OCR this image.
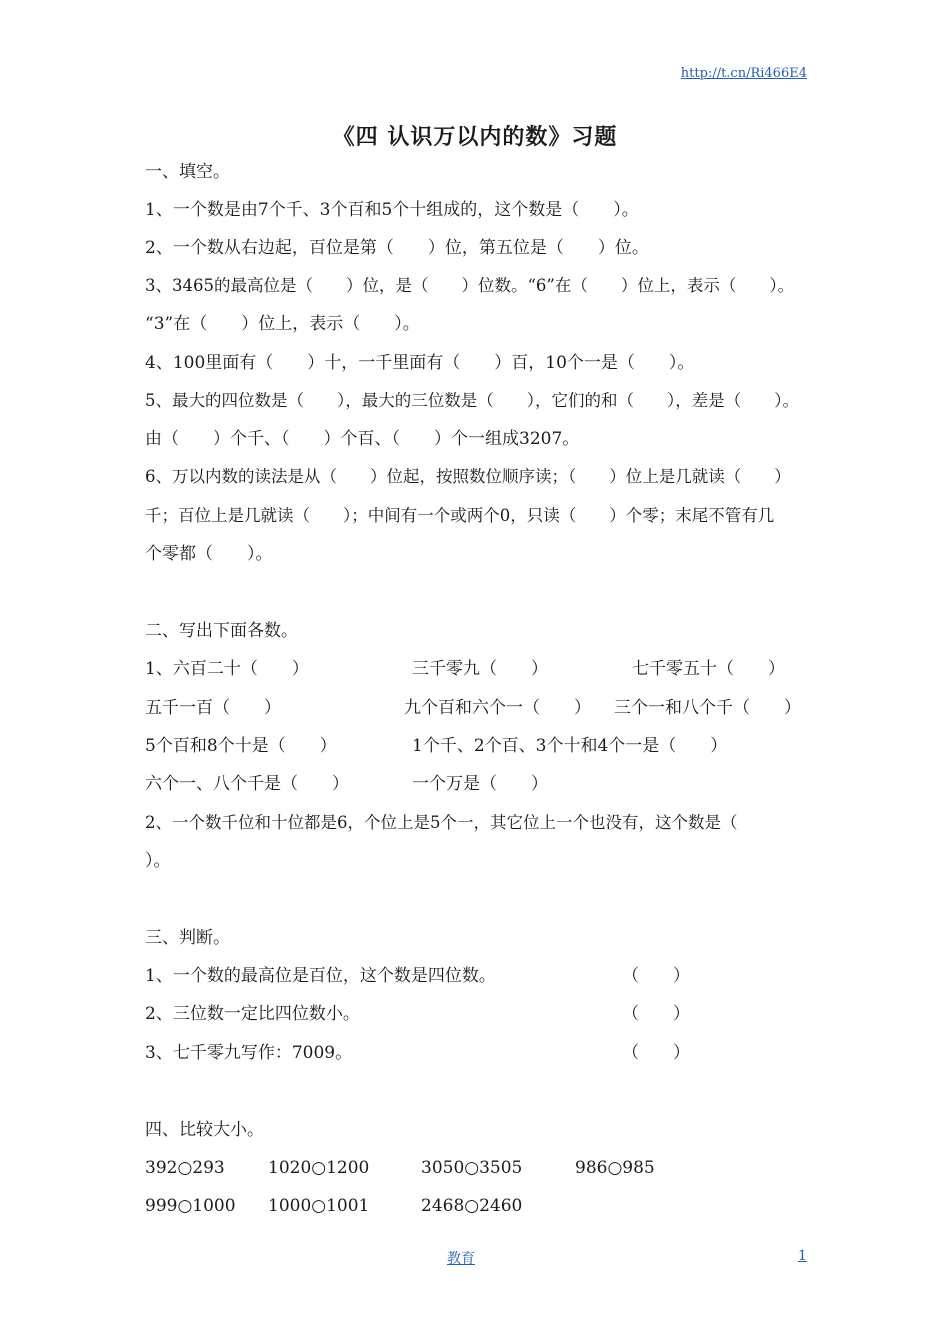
http://t.cn/Ri466E4
《四 认识万以内的数》习题
一、填空。
1、一个数是由7个千、3个百和5个十组成的，这个数是（　　）。
2、一个数从右边起，百位是第（　　）位，第五位是（　　）位。
3、3465的最高位是（　　）位，是（　　）位数。“6”在（　　）位上，表示（　　）。
“3”在（　　）位上，表示（　　）。
4、100里面有（　　）十，一千里面有（　　）百，10个一是（　　）。
5、最大的四位数是（　　），最大的三位数是（　　），它们的和（　　），差是（　　）。
由（　　）个千、（　　）个百、（　　）个一组成3207。
6、万以内数的读法是从（　　）位起，按照数位顺序读；（　　）位上是几就读（　　）
千；百位上是几就读（　　）；中间有一个或两个0，只读（　　）个零；末尾不管有几
个零都（　　）。
二、写出下面各数。
1、六百二十（　　）	三千零九（　　）	七千零五十（　　）
五千一百（　　）	九个百和六个一（　　） 三个一和八个千（　　）
5个百和8个十是（　　）	1个千、2个百、3个十和4个一是（　　）
六个一、八个千是（　　）	一个万是（　　）
2、一个数千位和十位都是6，个位上是5个一，其它位上一个也没有，这个数是（
）。
三、判断。
1、一个数的最高位是百位，这个数是四位数。	（　　）
2、三位数一定比四位数小。	（　　）
3、七千零九写作：7009。	（　　）
四、比较大小。
392○293	1020○1200	3050○3505	986○985
999○1000 1000○1001	2468○2460
教育	1
